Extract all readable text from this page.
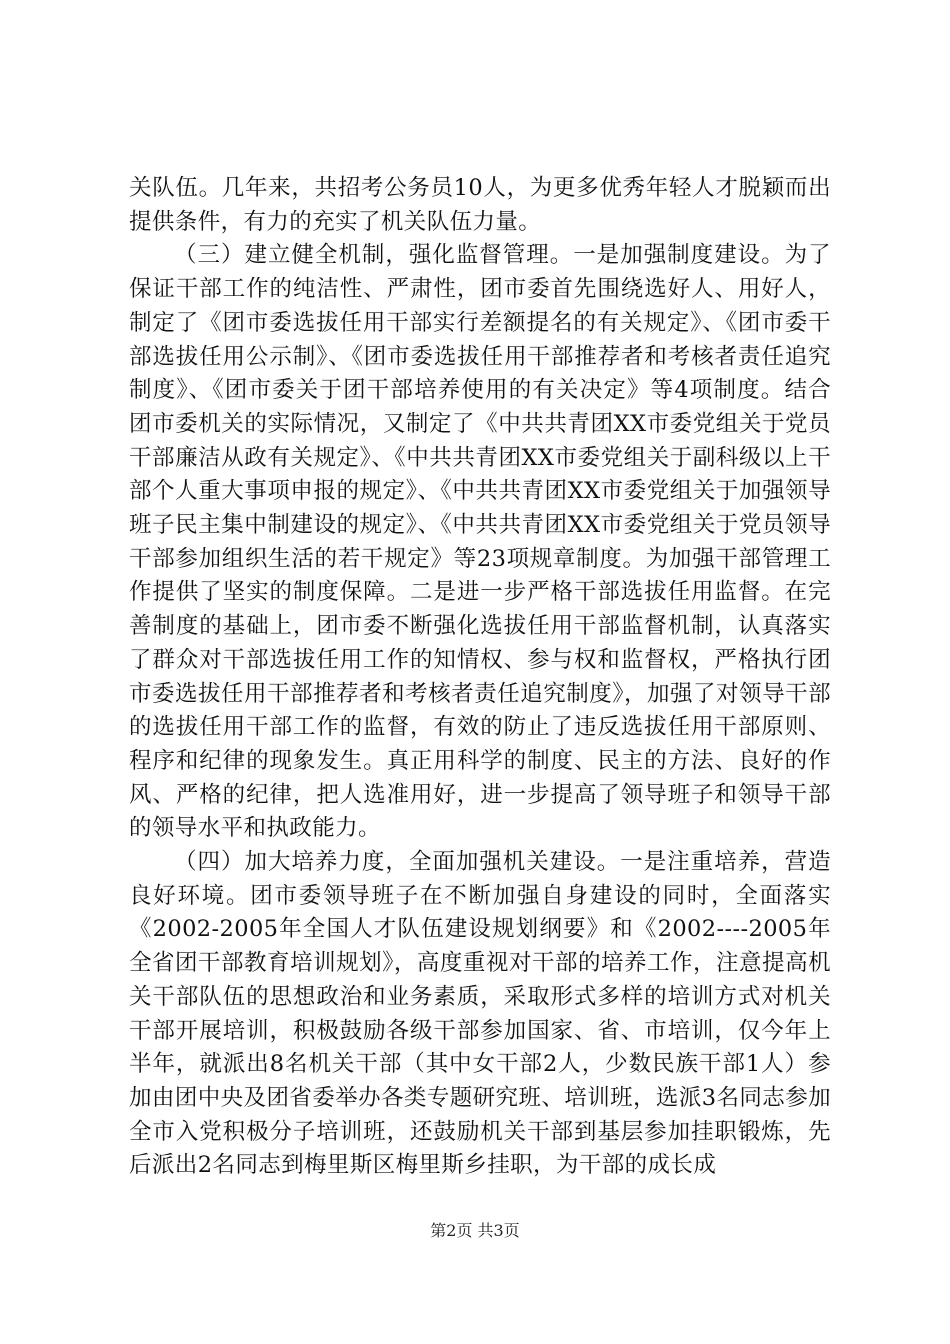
关队伍。几年来，共招考公务员10人，为更多优秀年轻人才脱颖而出提供条件，有力的充实了机关队伍力量。

（三）建立健全机制，强化监督管理。一是加强制度建设。为了保证干部工作的纯洁性、严肃性，团市委首先围绕选好人、用好人，制定了《团市委选拔任用干部实行差额提名的有关规定》、《团市委干部选拔任用公示制》、《团市委选拔任用干部推荐者和考核者责任追究制度》、《团市委关于团干部培养使用的有关决定》等4项制度。结合团市委机关的实际情况，又制定了《中共共青团XX市委党组关于党员干部廉洁从政有关规定》、《中共共青团XX市委党组关于副科级以上干部个人重大事项申报的规定》、《中共共青团XX市委党组关于加强领导班子民主集中制建设的规定》、《中共共青团XX市委党组关于党员领导干部参加组织生活的若干规定》等23项规章制度。为加强干部管理工作提供了坚实的制度保障。二是进一步严格干部选拔任用监督。在完善制度的基础上，团市委不断强化选拔任用干部监督机制，认真落实了群众对干部选拔任用工作的知情权、参与权和监督权，严格执行团市委选拔任用干部推荐者和考核者责任追究制度》，加强了对领导干部的选拔任用干部工作的监督，有效的防止了违反选拔任用干部原则、程序和纪律的现象发生。真正用科学的制度、民主的方法、良好的作风、严格的纪律，把人选准用好，进一步提高了领导班子和领导干部的领导水平和执政能力。

（四）加大培养力度，全面加强机关建设。一是注重培养，营造良好环境。团市委领导班子在不断加强自身建设的同时，全面落实《2002-2005年全国人才队伍建设规划纲要》和《2002----2005年全省团干部教育培训规划》，高度重视对干部的培养工作，注意提高机关干部队伍的思想政治和业务素质，采取形式多样的培训方式对机关干部开展培训，积极鼓励各级干部参加国家、省、市培训，仅今年上半年，就派出8名机关干部（其中女干部2人，少数民族干部1人）参加由团中央及团省委举办各类专题研究班、培训班，选派3名同志参加全市入党积极分子培训班，还鼓励机关干部到基层参加挂职锻炼，先后派出2名同志到梅里斯区梅里斯乡挂职，为干部的成长成

第2页 共3页
